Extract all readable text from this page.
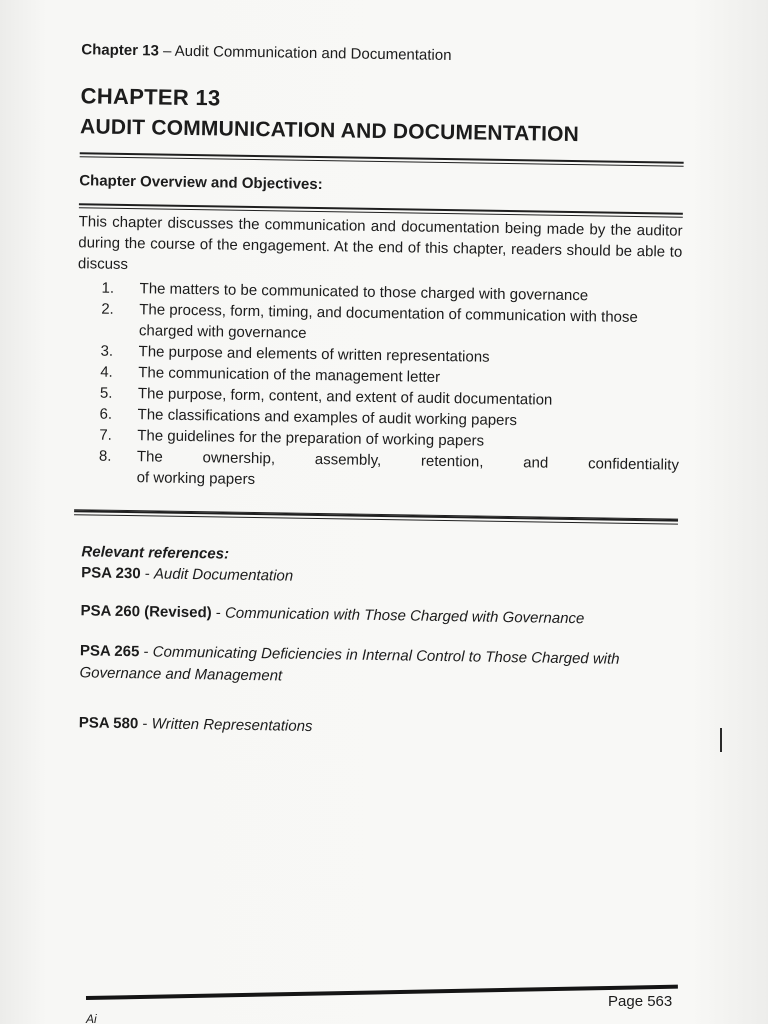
Chapter 13 – Audit Communication and Documentation
CHAPTER 13
AUDIT COMMUNICATION AND DOCUMENTATION
Chapter Overview and Objectives:
This chapter discusses the communication and documentation being made by the auditor during the course of the engagement. At the end of this chapter, readers should be able to discuss
1.	The matters to be communicated to those charged with governance
2.	The process, form, timing, and documentation of communication with those charged with governance
3.	The purpose and elements of written representations
4.	The communication of the management letter
5.	The purpose, form, content, and extent of audit documentation
6.	The classifications and examples of audit working papers
7.	The guidelines for the preparation of working papers
8.	The ownership, assembly, retention, and confidentiality
of working papers
Relevant references:
PSA 230 - Audit Documentation
PSA 260 (Revised) - Communication with Those Charged with Governance
PSA 265 - Communicating Deficiencies in Internal Control to Those Charged with Governance and Management
PSA 580 - Written Representations
Page 563
Ai
